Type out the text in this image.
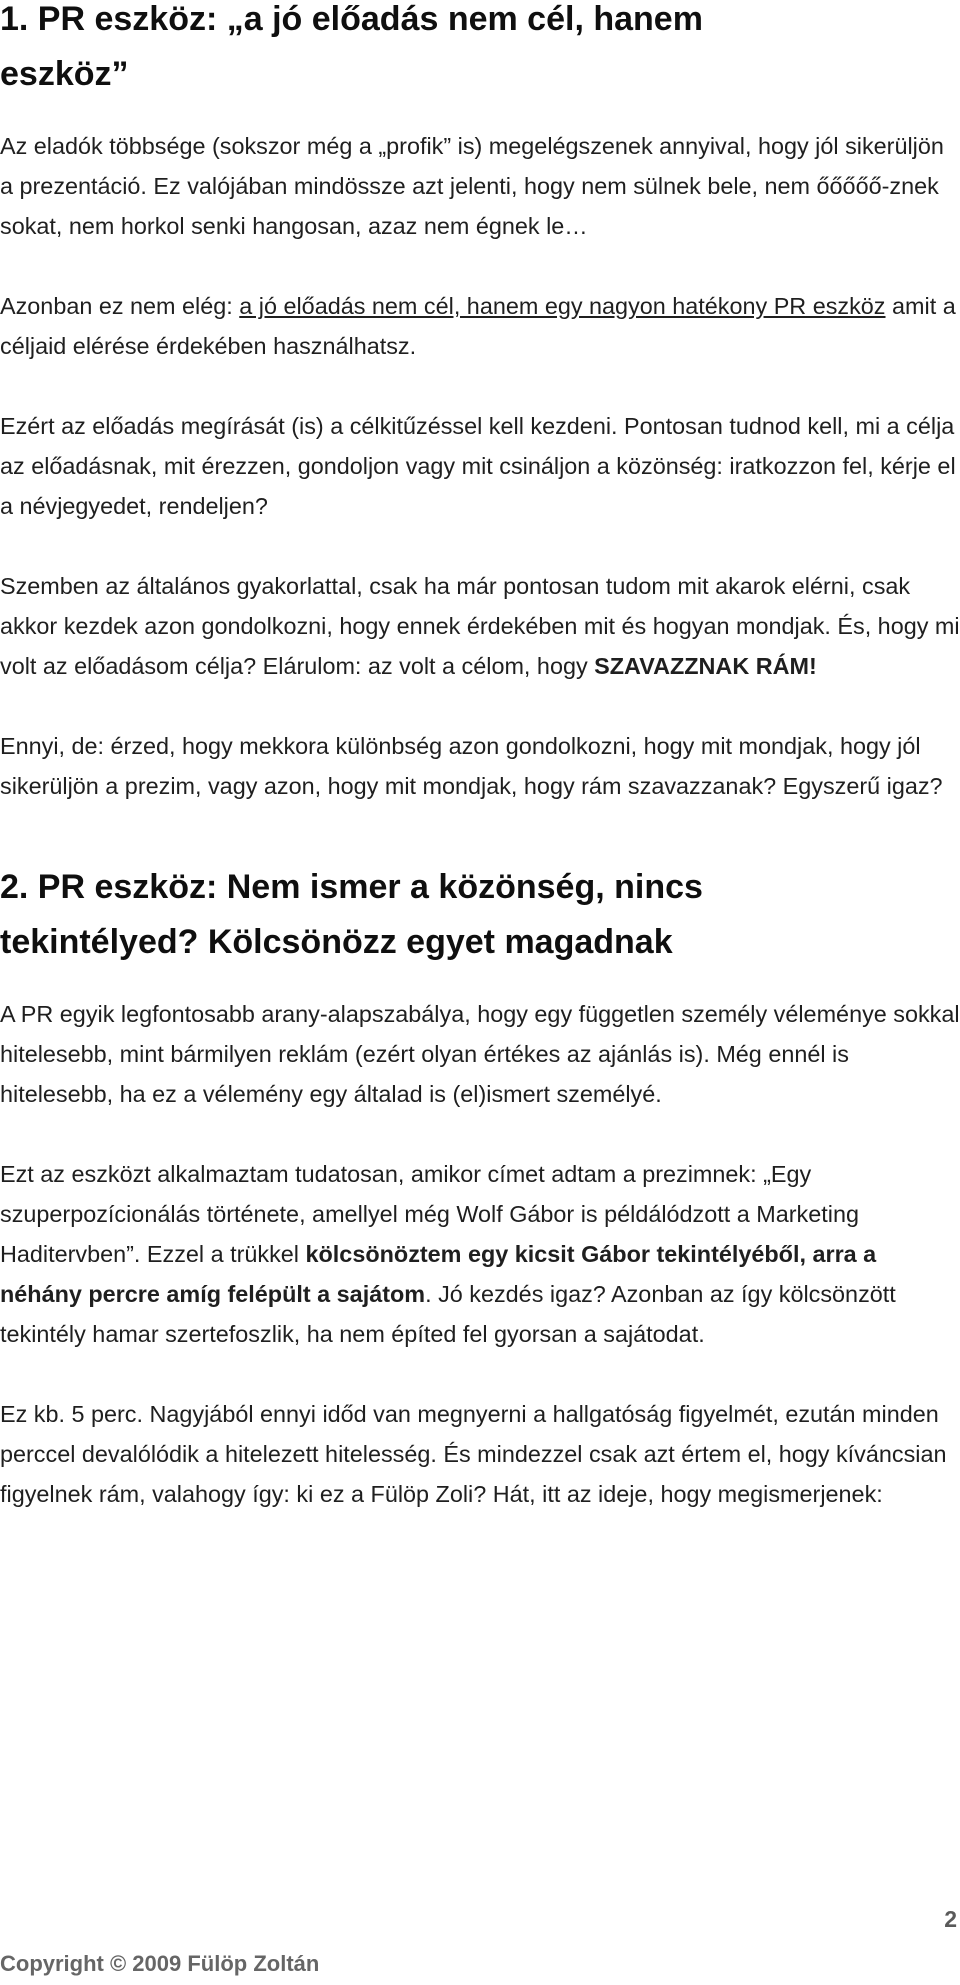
1. PR eszköz: „a jó előadás nem cél, hanem
eszköz”

Az eladók többsége (sokszor még a „profik” is) megelégszenek annyival, hogy jól sikerüljön a prezentáció. Ez valójában mindössze azt jelenti, hogy nem sülnek bele, nem őőőőő-znek sokat, nem horkol senki hangosan, azaz nem égnek le…

Azonban ez nem elég: a jó előadás nem cél, hanem egy nagyon hatékony PR eszköz amit a céljaid elérése érdekében használhatsz.

Ezért az előadás megírását (is) a célkitűzéssel kell kezdeni. Pontosan tudnod kell, mi a célja az előadásnak, mit érezzen, gondoljon vagy mit csináljon a közönség: iratkozzon fel, kérje el a névjegyedet, rendeljen?

Szemben az általános gyakorlattal, csak ha már pontosan tudom mit akarok elérni, csak akkor kezdek azon gondolkozni, hogy ennek érdekében mit és hogyan mondjak. És, hogy mi volt az előadásom célja? Elárulom: az volt a célom, hogy SZAVAZZNAK RÁM!

Ennyi, de: érzed, hogy mekkora különbség azon gondolkozni, hogy mit mondjak, hogy jól sikerüljön a prezim, vagy azon, hogy mit mondjak, hogy rám szavazzanak? Egyszerű igaz?

2. PR eszköz: Nem ismer a közönség, nincs
tekintélyed? Kölcsönözz egyet magadnak

A PR egyik legfontosabb arany-alapszabálya, hogy egy független személy véleménye sokkal hitelesebb, mint bármilyen reklám (ezért olyan értékes az ajánlás is). Még ennél is hitelesebb, ha ez a vélemény egy általad is (el)ismert személyé.

Ezt az eszközt alkalmaztam tudatosan, amikor címet adtam a prezimnek: „Egy szuperpozícionálás története, amellyel még Wolf Gábor is példálódzott a Marketing Haditervben”. Ezzel a trükkel kölcsönöztem egy kicsit Gábor tekintélyéből, arra a néhány percre amíg felépült a sajátom. Jó kezdés igaz? Azonban az így kölcsönzött tekintély hamar szertefoszlik, ha nem építed fel gyorsan a sajátodat.

Ez kb. 5 perc. Nagyjából ennyi időd van megnyerni a hallgatóság figyelmét, ezután minden perccel devalólódik a hitelezett hitelesség. És mindezzel csak azt értem el, hogy kíváncsian figyelnek rám, valahogy így: ki ez a Fülöp Zoli? Hát, itt az ideje, hogy megismerjenek:

2
Copyright © 2009 Fülöp Zoltán
